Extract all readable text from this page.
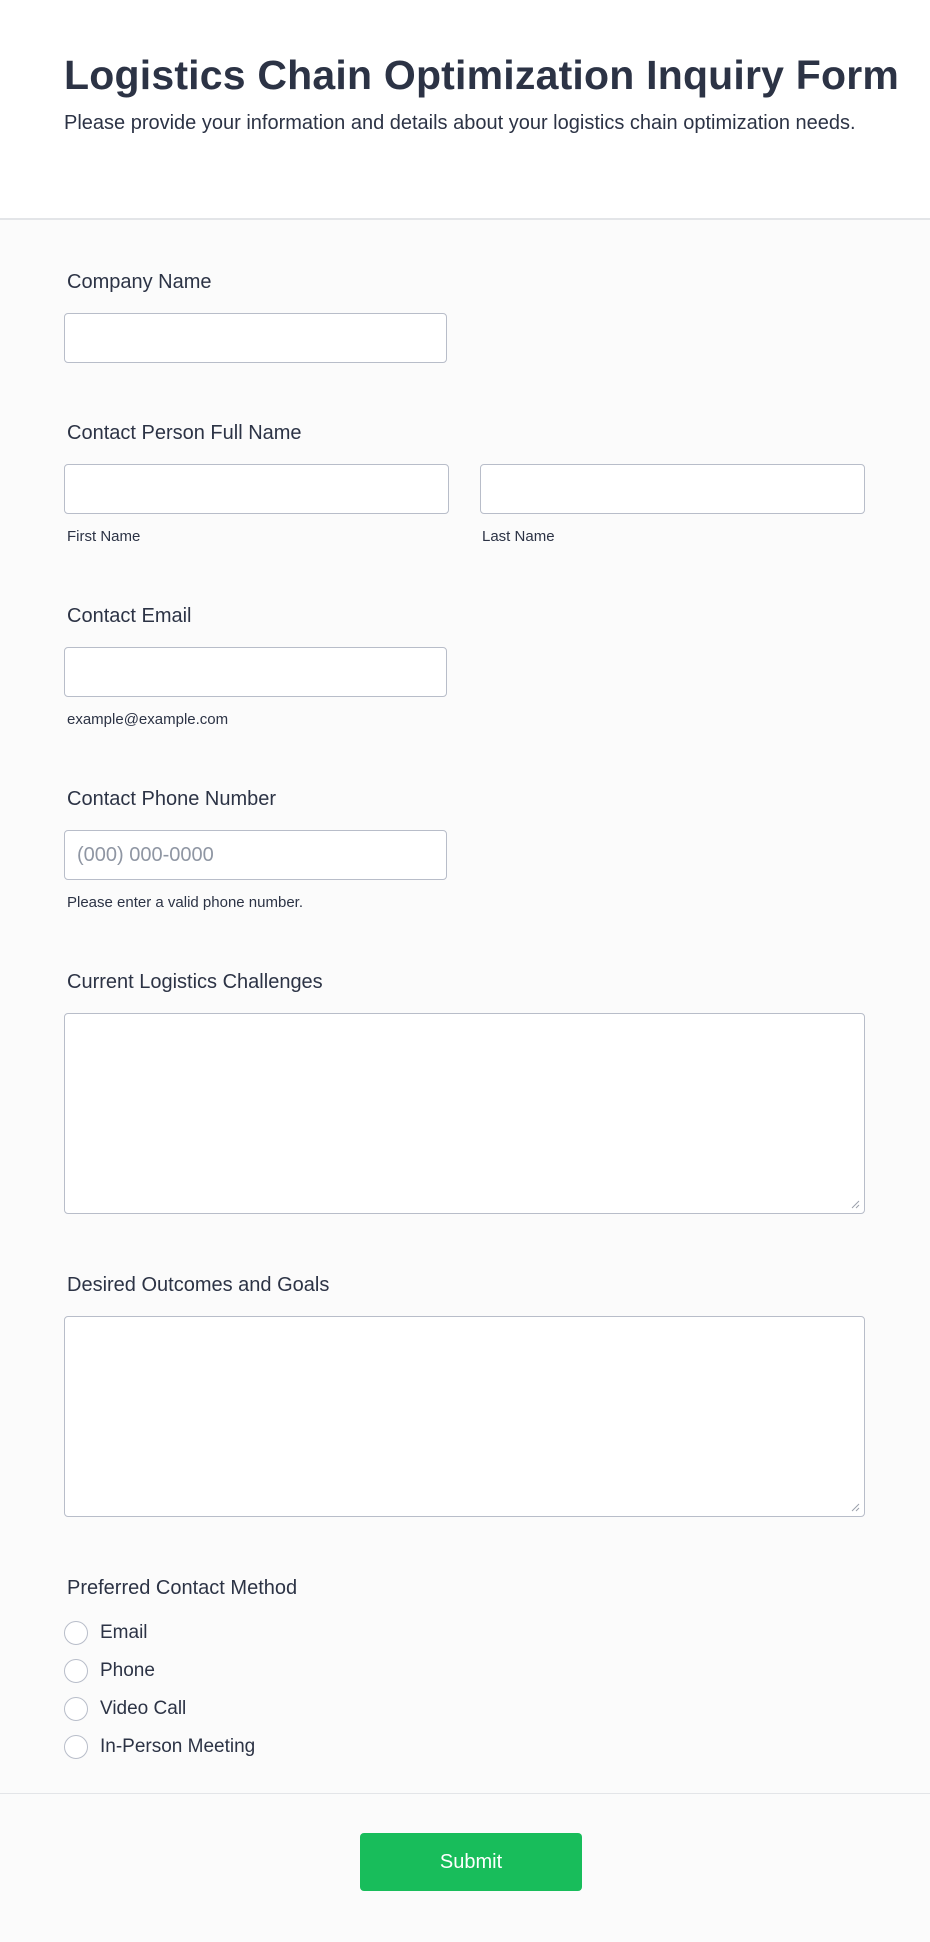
Logistics Chain Optimization Inquiry Form

Please provide your information and details about your logistics chain optimization needs.

Company Name
Contact Person Full Name
First Name	Last Name
Contact Email
example@example.com
Contact Phone Number
(000) 000-0000
Please enter a valid phone number.
Current Logistics Challenges
Desired Outcomes and Goals
Preferred Contact Method
Email
Phone
Video Call
In-Person Meeting
Submit
